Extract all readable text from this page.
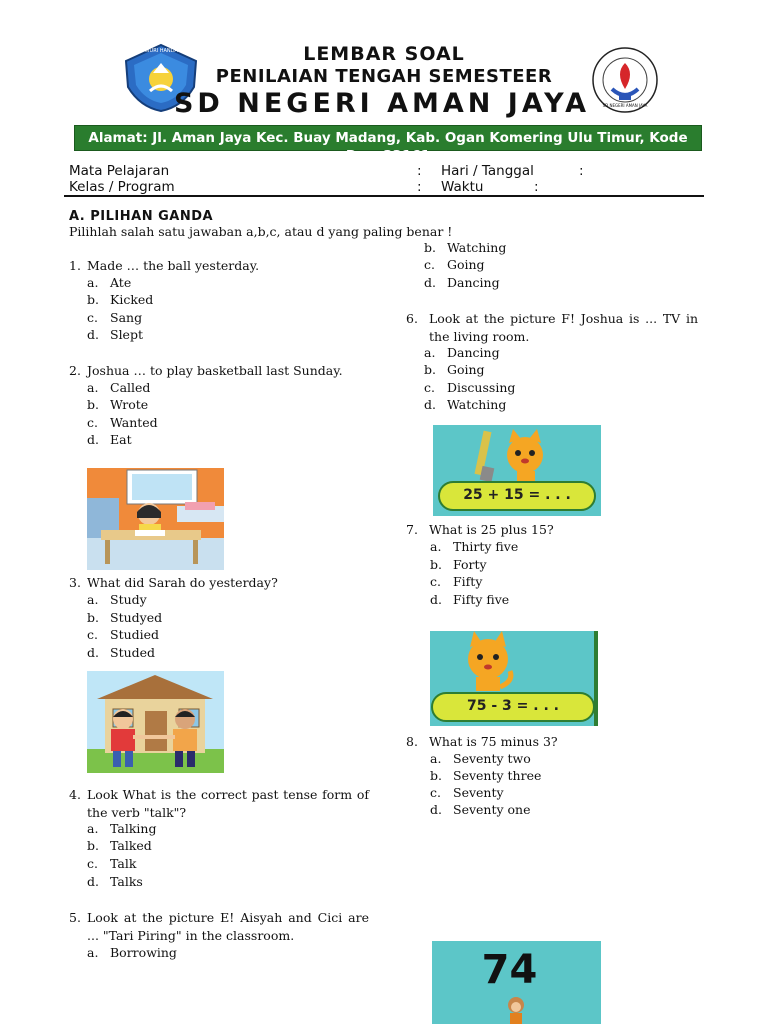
TUT WURI HANDAYANI	LEMBAR SOAL
PENILAIAN TENGAH SEMESTEER
SD NEGERI AMAN JAYA	SD NEGERI AMAN JAYA
Alamat: Jl. Aman Jaya Kec. Buay Madang, Kab. Ogan Komering Ulu Timur, Kode Pos: 32161
Mata Pelajaran	: Hari / Tanggal	:
Kelas / Program	: Waktu	:
A. PILIHAN GANDA
Pilihlah salah satu jawaban a,b,c, atau d yang paling benar !
1. Made … the ball yesterday.
a. Ate
b. Kicked
c. Sang
d. Slept
2. Joshua … to play basketball last Sunday.
a. Called
b. Wrote
c. Wanted
d. Eat
3. What did Sarah do yesterday?
a. Study
b. Studyed
c. Studied
d. Studed
4. Look What is the correct past tense form of the verb "talk"?
a. Talking
b. Talked
c. Talk
d. Talks
5. Look at the picture E! Aisyah and Cici are ... "Tari Piring" in the classroom.
a. Borrowing
b. Watching
c. Going
d. Dancing
6. Look at the picture F! Joshua is ... TV in the living room.
a. Dancing
b. Going
c. Discussing
d. Watching
25 + 15 = . . .
7. What is 25 plus 15?
a. Thirty five
b. Forty
c. Fifty
d. Fifty five
75 - 3 = . . .
8. What is 75 minus 3?
a. Seventy two
b. Seventy three
c. Seventy
d. Seventy one
74
